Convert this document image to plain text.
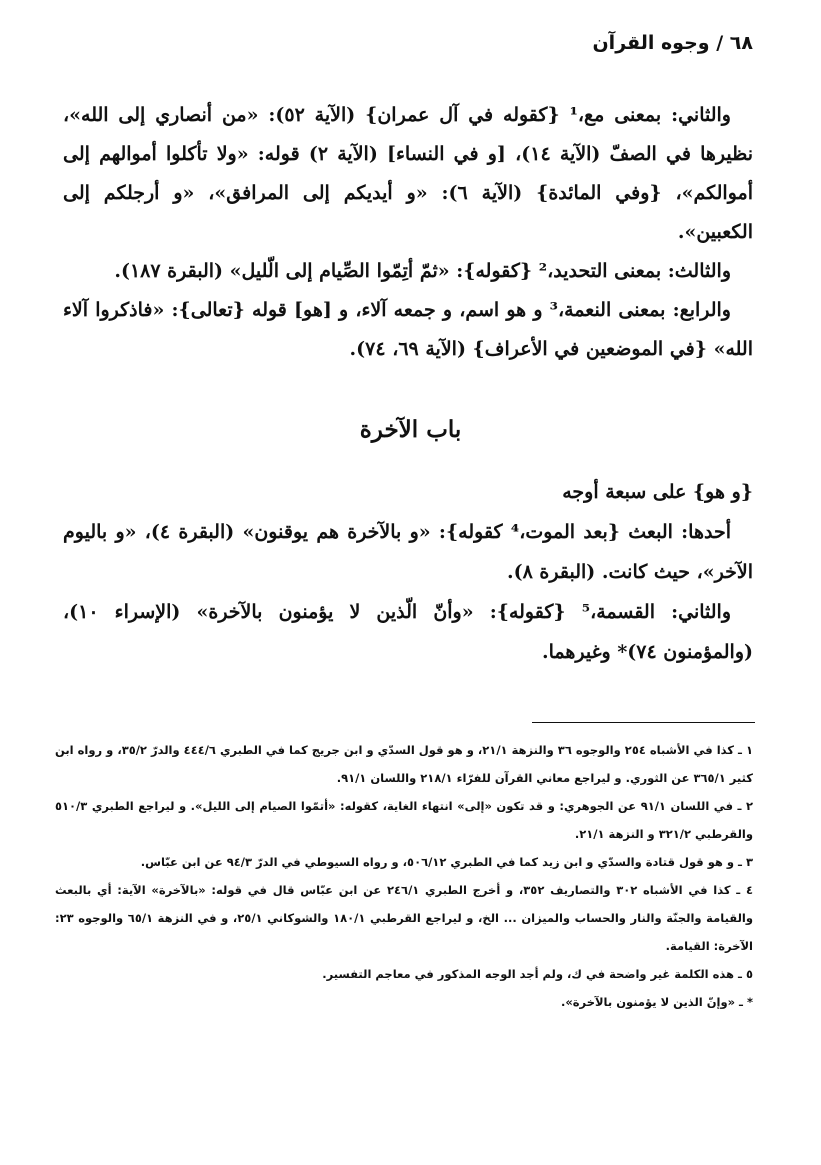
٦٨ / وجوه القرآن

والثاني: بمعنى مع،¹ {كقوله في آل عمران} (الآية ٥٢): «من أنصاري إلى الله»، نظيرها في الصفّ (الآية ١٤)، [و في النساء] (الآية ٢) قوله: «ولا تأكلوا أموالهم إلى أموالكم»، {وفي المائدة} (الآية ٦): «و أيديكم إلى المرافق»، «و أرجلكم إلى الكعبين».

والثالث: بمعنى التحديد،² {كقوله}: «ثمّ أتِمّوا الصِّيام إلى الّليل» (البقرة ١٨٧).

والرابع: بمعنى النعمة،³ و هو اسم، و جمعه آلاء، و [هو] قوله {تعالى}: «فاذكروا آلاء الله» {في الموضعين في الأعراف} (الآية ٦٩، ٧٤).

باب الآخرة

{و هو} على سبعة أوجه

أحدها: البعث {بعد الموت،⁴ كقوله}: «و بالآخرة هم يوقنون» (البقرة ٤)، «و باليوم الآخر»، حيث كانت. (البقرة ٨).

والثاني: القسمة،⁵ {كقوله}: «وأنّ الّذين لا يؤمنون بالآخرة» (الإسراء ١٠)، (والمؤمنون ٧٤)* وغيرهما.

١ ـ كذا في الأشباه ٢٥٤ والوجوه ٣٦ والنزهة ٢١/١، و هو قول السدّي و ابن جريج كما في الطبري ٤٤٤/٦ والدرّ ٣٥/٢، و رواه ابن كثير ٣٦٥/١ عن الثوري. و ليراجع معاني القرآن للفرّاء ٢١٨/١ واللسان ٩١/١.

٢ ـ في اللسان ٩١/١ عن الجوهري: و قد تكون «إلى» انتهاء الغاية، كقوله: «أتمّوا الصيام إلى الليل». و ليراجع الطبري ٥١٠/٣ والقرطبي ٣٢١/٢ و النزهة ٢١/١.

٣ ـ و هو قول قتادة والسدّي و ابن زيد كما في الطبري ٥٠٦/١٢، و رواه السيوطي في الدرّ ٩٤/٣ عن ابن عبّاس.

٤ ـ كذا في الأشباه ٣٠٢ والتصاريف ٣٥٢، و أخرج الطبري ٢٤٦/١ عن ابن عبّاس قال في قوله: «بالآخرة» الآية: أي بالبعث والقيامة والجنّة والنار والحساب والميزان ... الخ، و ليراجع القرطبي ١٨٠/١ والشوكاني ٢٥/١، و في النزهة ٦٥/١ والوجوه ٢٣: الآخرة: القيامة.

٥ ـ هذه الكلمة غير واضحة في ك، ولم أجد الوجه المذكور في معاجم التفسير.

* ـ «وإنّ الذين لا يؤمنون بالآخرة».
